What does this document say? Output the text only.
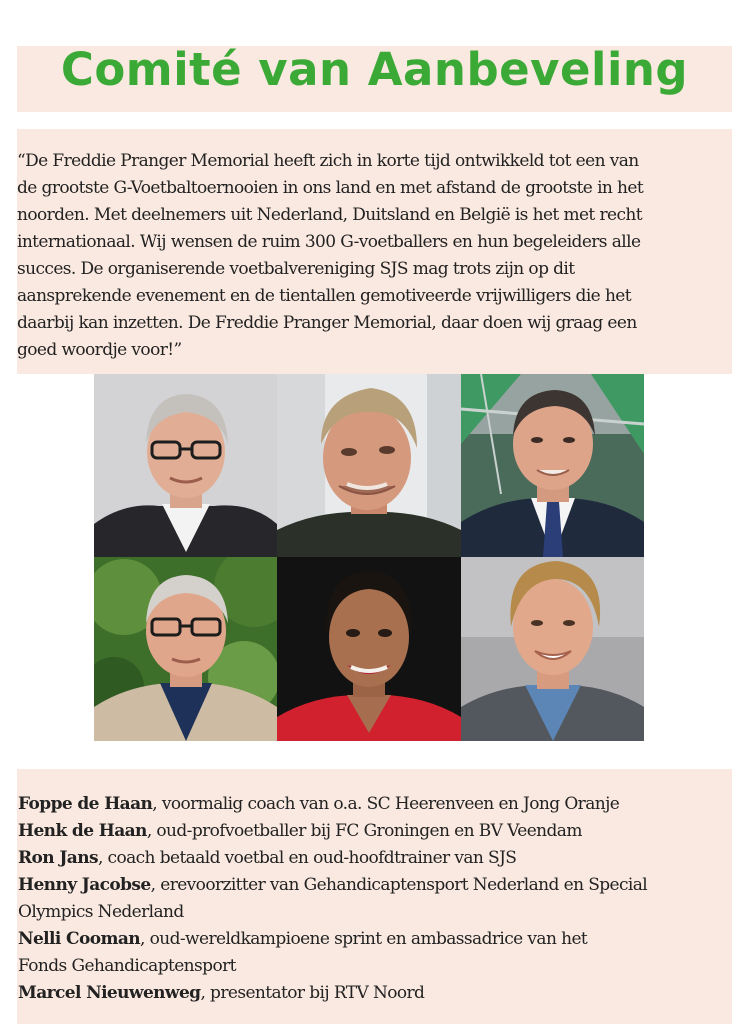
Comité van Aanbeveling

“De Freddie Pranger Memorial heeft zich in korte tijd ontwikkeld tot een van
de grootste G-Voetbaltoernooien in ons land en met afstand de grootste in het
noorden. Met deelnemers uit Nederland, Duitsland en België is het met recht
internationaal. Wij wensen de ruim 300 G-voetballers en hun begeleiders alle
succes. De organiserende voetbalvereniging SJS mag trots zijn op dit
aansprekende evenement en de tientallen gemotiveerde vrijwilligers die het
daarbij kan inzetten. De Freddie Pranger Memorial, daar doen wij graag een
goed woordje voor!”

Foppe de Haan, voormalig coach van o.a. SC Heerenveen en Jong Oranje
Henk de Haan, oud-profvoetballer bij FC Groningen en BV Veendam
Ron Jans, coach betaald voetbal en oud-hoofdtrainer van SJS
Henny Jacobse, erevoorzitter van Gehandicaptensport Nederland en Special
Olympics Nederland
Nelli Cooman, oud-wereldkampioene sprint en ambassadrice van het
Fonds Gehandicaptensport
Marcel Nieuwenweg, presentator bij RTV Noord
